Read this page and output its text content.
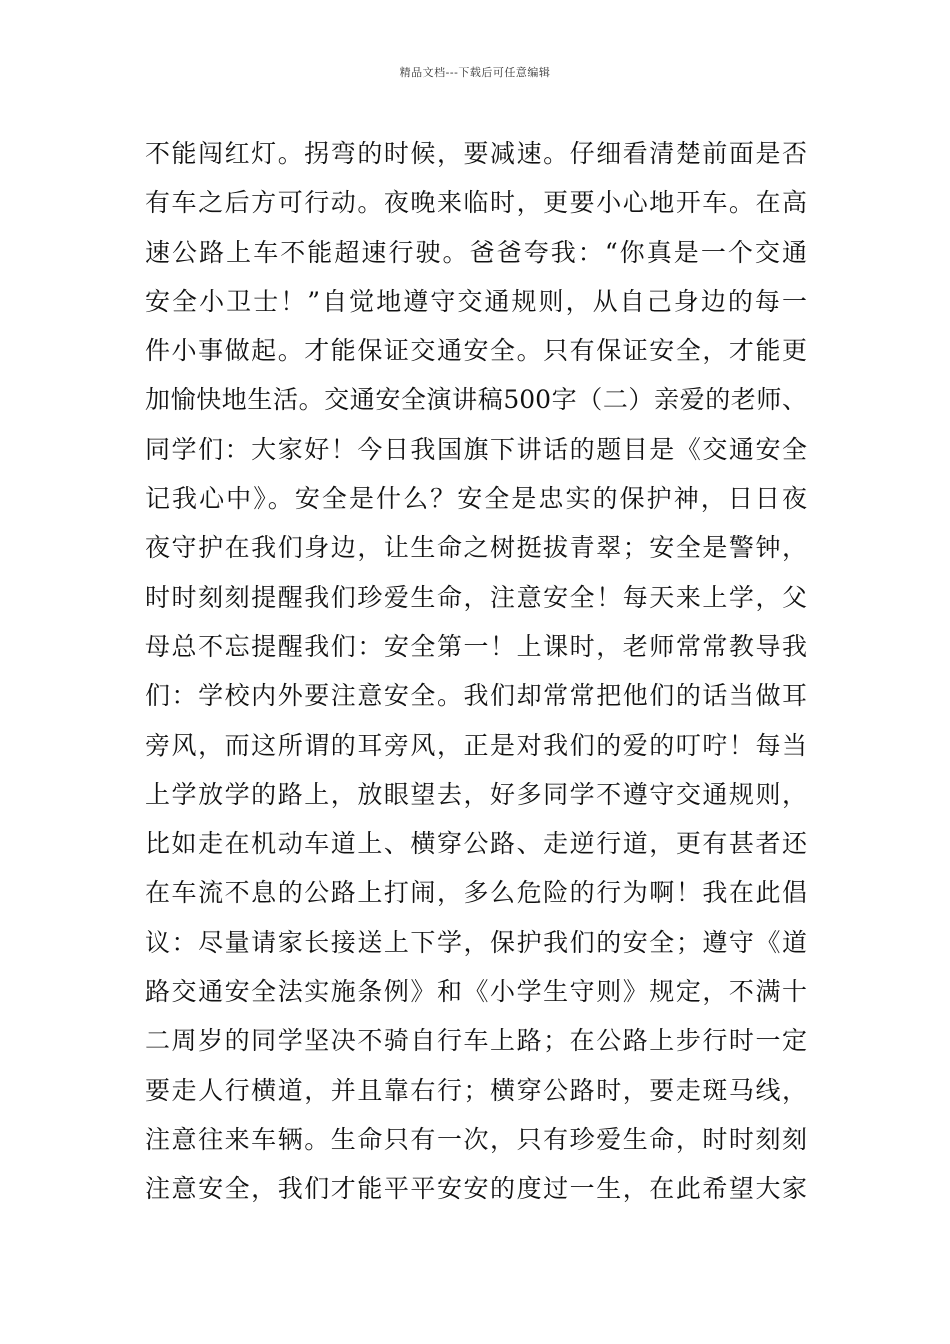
精品文档---下载后可任意编辑
不能闯红灯。拐弯的时候，要减速。仔细看清楚前面是否
有车之后方可行动。夜晚来临时，更要小心地开车。在高
速公路上车不能超速行驶。爸爸夸我：“你真是一个交通
安全小卫士！”自觉地遵守交通规则，从自己身边的每一
件小事做起。才能保证交通安全。只有保证安全，才能更
加愉快地生活。交通安全演讲稿500字（二）亲爱的老师、
同学们：大家好！今日我国旗下讲话的题目是《交通安全
记我心中》。安全是什么？安全是忠实的保护神，日日夜
夜守护在我们身边，让生命之树挺拔青翠；安全是警钟，
时时刻刻提醒我们珍爱生命，注意安全！每天来上学，父
母总不忘提醒我们：安全第一！上课时，老师常常教导我
们：学校内外要注意安全。我们却常常把他们的话当做耳
旁风，而这所谓的耳旁风，正是对我们的爱的叮咛！每当
上学放学的路上，放眼望去，好多同学不遵守交通规则，
比如走在机动车道上、横穿公路、走逆行道，更有甚者还
在车流不息的公路上打闹，多么危险的行为啊！我在此倡
议：尽量请家长接送上下学，保护我们的安全；遵守《道
路交通安全法实施条例》和《小学生守则》规定，不满十
二周岁的同学坚决不骑自行车上路；在公路上步行时一定
要走人行横道，并且靠右行；横穿公路时，要走斑马线，
注意往来车辆。生命只有一次，只有珍爱生命，时时刻刻
注意安全，我们才能平平安安的度过一生，在此希望大家
